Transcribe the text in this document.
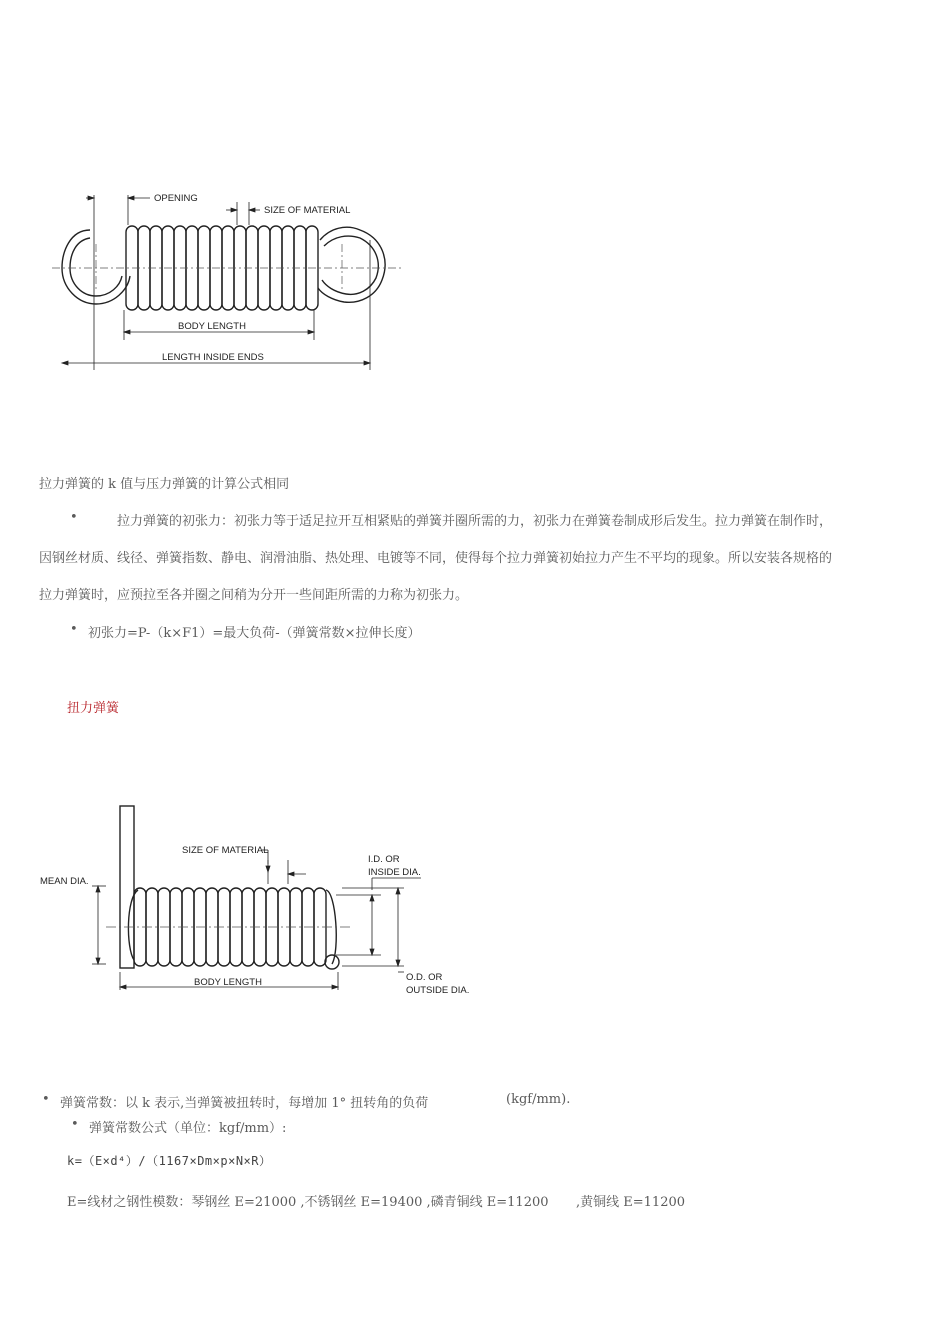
OPENING
SIZE OF MATERIAL
BODY LENGTH
LENGTH INSIDE ENDS
拉力弹簧的 k 值与压力弹簧的计算公式相同
•	拉力弹簧的初张力：初张力等于适足拉开互相紧贴的弹簧并圈所需的力，初张力在弹簧卷制成形后发生。拉力弹簧在制作时，
因钢丝材质、线径、弹簧指数、静电、润滑油脂、热处理、电镀等不同，使得每个拉力弹簧初始拉力产生不平均的现象。所以安装各规格的
拉力弹簧时，应预拉至各并圈之间稍为分开一些间距所需的力称为初张力。
• 初张力=P-（k×F1）=最大负荷-（弹簧常数×拉伸长度）
扭力弹簧
SIZE OF MATERIAL
MEAN DIA.
I.D. OR
INSIDE DIA.
BODY LENGTH	O.D. OR
OUTSIDE DIA.
• 弹簧常数：以 k 表示,当弹簧被扭转时，每增加 1° 扭转角的负荷	(kgf/mm).
• 弹簧常数公式（单位：kgf/mm）:
k=（E×d⁴）/（1167×Dm×p×N×R）
E=线材之钢性模数：琴钢丝 E=21000 ,不锈钢丝 E=19400 ,磷青铜线 E=11200 ,黄铜线 E=11200
